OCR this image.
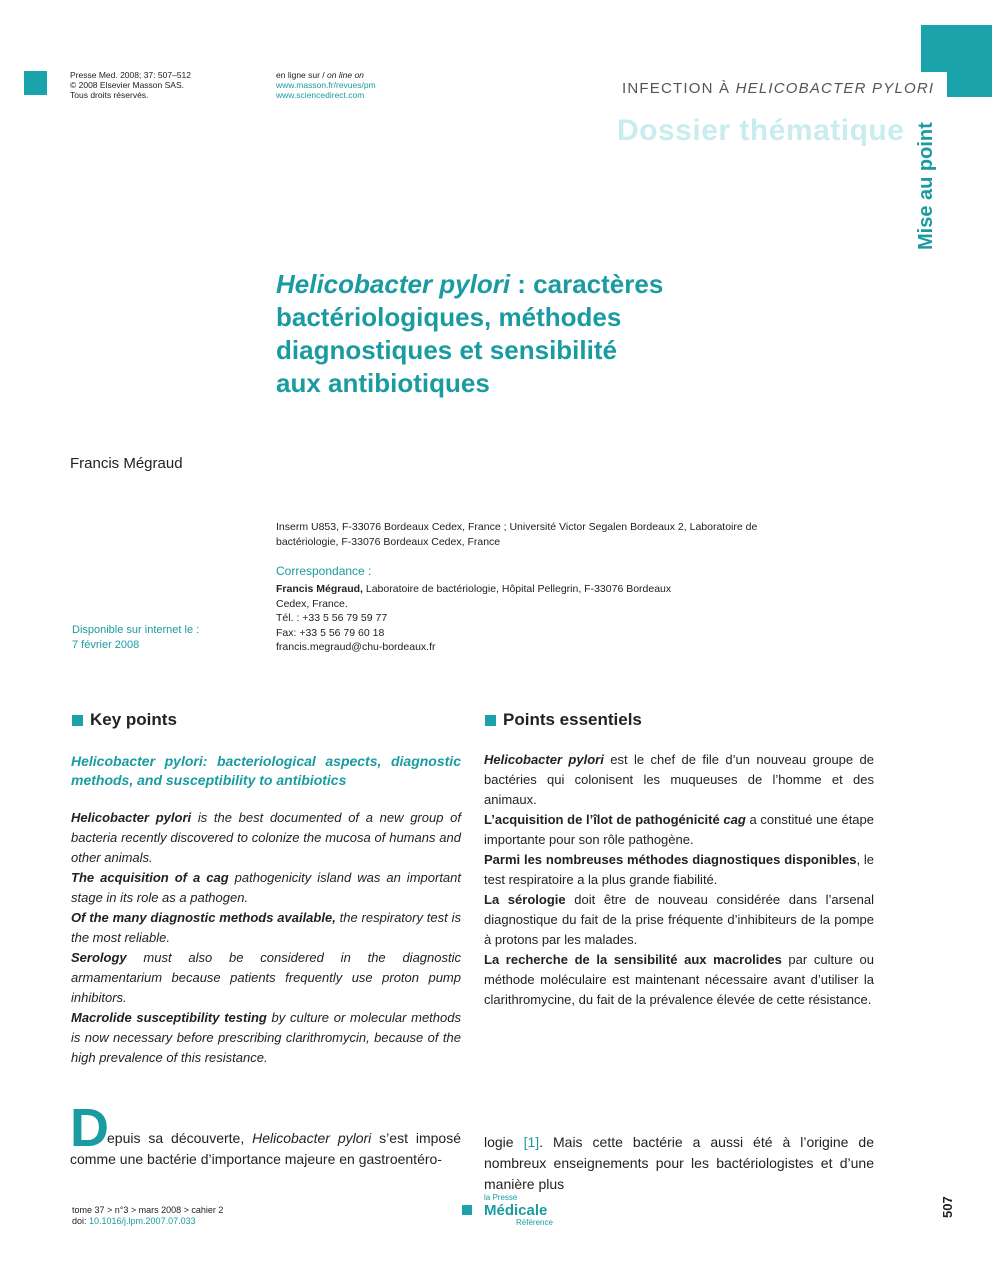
Presse Med. 2008; 37: 507–512
© 2008 Elsevier Masson SAS.
Tous droits réservés.
en ligne sur / on line on
www.masson.fr/revues/pm
www.sciencedirect.com	INFECTION À HELICOBACTER PYLORI
Dossier thématique Mise au point
Helicobacter pylori : caractères
bactériologiques, méthodes
diagnostiques et sensibilité
aux antibiotiques
Francis Mégraud
Inserm U853, F-33076 Bordeaux Cedex, France ; Université Victor Segalen Bordeaux 2, Laboratoire de
bactériologie, F-33076 Bordeaux Cedex, France
Correspondance :
Francis Mégraud, Laboratoire de bactériologie, Hôpital Pellegrin, F-33076 Bordeaux
Cedex, France.
Tél. : +33 5 56 79 59 77
Fax: +33 5 56 79 60 18
francis.megraud@chu-bordeaux.fr
Disponible sur internet le :
7 février 2008
Key points
Helicobacter pylori: bacteriological aspects, diagnostic methods, and susceptibility to antibiotics

Helicobacter pylori is the best documented of a new group of bacteria recently discovered to colonize the mucosa of humans and other animals.

The acquisition of a cag pathogenicity island was an important stage in its role as a pathogen.

Of the many diagnostic methods available, the respiratory test is the most reliable.

Serology must also be considered in the diagnostic armamentarium because patients frequently use proton pump inhibitors.

Macrolide susceptibility testing by culture or molecular methods is now necessary before prescribing clarithromycin, because of the high prevalence of this resistance.

Points essentiels

Helicobacter pylori est le chef de file d’un nouveau groupe de bactéries qui colonisent les muqueuses de l’homme et des animaux.

L’acquisition de l’îlot de pathogénicité cag a constitué une étape importante pour son rôle pathogène.

Parmi les nombreuses méthodes diagnostiques disponibles, le test respiratoire a la plus grande fiabilité.

La sérologie doit être de nouveau considérée dans l’arsenal diagnostique du fait de la prise fréquente d’inhibiteurs de la pompe à protons par les malades.

La recherche de la sensibilité aux macrolides par culture ou méthode moléculaire est maintenant nécessaire avant d’utiliser la clarithromycine, du fait de la prévalence élevée de cette résistance.

D
epuis sa découverte, Helicobacter pylori s’est imposé comme une bactérie d’importance majeure en gastroentéro-
logie [1]. Mais cette bactérie a aussi été à l’origine de nombreux enseignements pour les bactériologistes et d’une manière plus
tome 37 > n°3 > mars 2008 > cahier 2
doi: 10.1016/j.lpm.2007.07.033
la Presse
Médicale
Référence
507
